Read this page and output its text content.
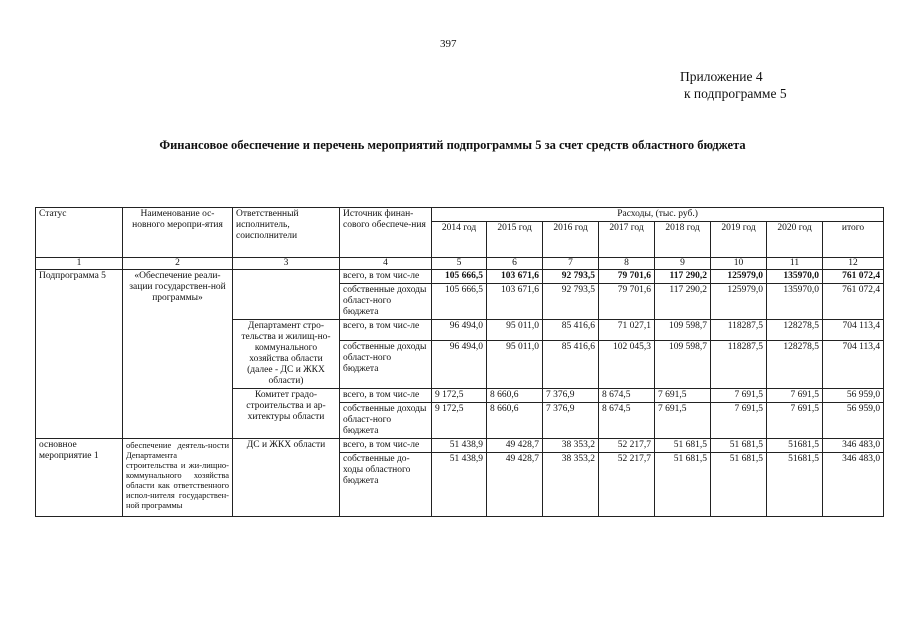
397
Приложение 4
к подпрограмме 5
Финансовое обеспечение и перечень мероприятий подпрограммы 5 за счет средств областного бюджета
Статус	Наименование ос-новного меропри-ятия	Ответственный исполнитель, соисполнители	Источник финан-сового обеспече-ния	Расходы, (тыс. руб.)							
				2014 год	2015 год	2016 год	2017 год	2018 год	2019 год	2020 год	итого
1	2	3	4	5	6	7	8	9	10	11	12
Подпрограмма 5	«Обеспечение реали-зации государствен-ной программы»		всего, в том чис-ле	105 666,5	103 671,6	92 793,5	79 701,6	117 290,2	125979,0	135970,0	761 072,4
			собственные доходы област-ного бюджета	105 666,5	103 671,6	92 793,5	79 701,6	117 290,2	125979,0	135970,0	761 072,4
		Департамент стро-тельства и жилищ-но-коммунального хозяйства области (далее - ДС и ЖКХ области)	всего, в том чис-ле	96 494,0	95 011,0	85 416,6	71 027,1	109 598,7	118287,5	128278,5	704 113,4
			собственные доходы област-ного бюджета	96 494,0	95 011,0	85 416,6	102 045,3	109 598,7	118287,5	128278,5	704 113,4
		Комитет градо-строительства и ар-хитектуры области	всего, в том чис-ле	9 172,5	8 660,6	7 376,9	8 674,5	7 691,5	7 691,5	7 691,5	56 959,0
			собственные доходы област-ного бюджета	9 172,5	8 660,6	7 376,9	8 674,5	7 691,5	7 691,5	7 691,5	56 959,0
основное мероприятие 1	обеспечение деятель-ности Департамента строительства и жи-лищно-коммунального хозяйства области как ответственного испол-нителя государствен-ной программы	ДС и ЖКХ области	всего, в том чис-ле	51 438,9	49 428,7	38 353,2	52 217,7	51 681,5	51 681,5	51681,5	346 483,0
			собственные до-ходы областного бюджета	51 438,9	49 428,7	38 353,2	52 217,7	51 681,5	51 681,5	51681,5	346 483,0
